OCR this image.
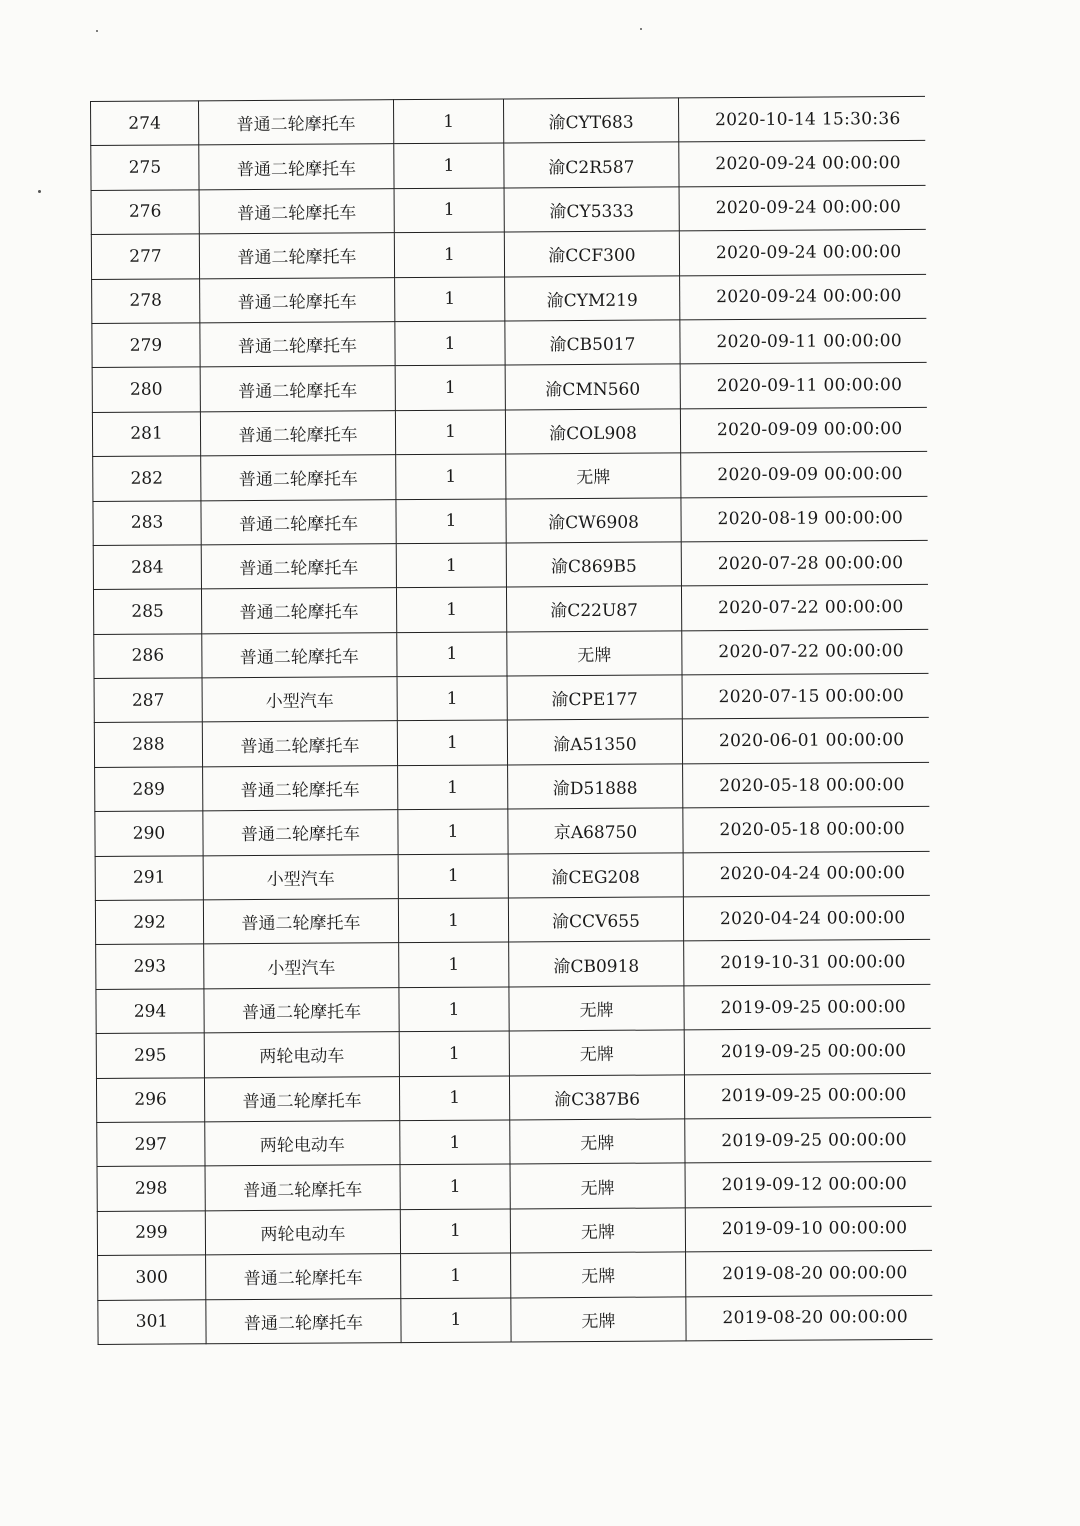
274	普通二轮摩托车	1	渝CYT683	2020-10-14 15:30:36
275	普通二轮摩托车	1	渝C2R587	2020-09-24 00:00:00
276	普通二轮摩托车	1	渝CY5333	2020-09-24 00:00:00
277	普通二轮摩托车	1	渝CCF300	2020-09-24 00:00:00
278	普通二轮摩托车	1	渝CYM219	2020-09-24 00:00:00
279	普通二轮摩托车	1	渝CB5017	2020-09-11 00:00:00
280	普通二轮摩托车	1	渝CMN560	2020-09-11 00:00:00
281	普通二轮摩托车	1	渝COL908	2020-09-09 00:00:00
282	普通二轮摩托车	1	无牌	2020-09-09 00:00:00
283	普通二轮摩托车	1	渝CW6908	2020-08-19 00:00:00
284	普通二轮摩托车	1	渝C869B5	2020-07-28 00:00:00
285	普通二轮摩托车	1	渝C22U87	2020-07-22 00:00:00
286	普通二轮摩托车	1	无牌	2020-07-22 00:00:00
287	小型汽车	1	渝CPE177	2020-07-15 00:00:00
288	普通二轮摩托车	1	渝A51350	2020-06-01 00:00:00
289	普通二轮摩托车	1	渝D51888	2020-05-18 00:00:00
290	普通二轮摩托车	1	京A68750	2020-05-18 00:00:00
291	小型汽车	1	渝CEG208	2020-04-24 00:00:00
292	普通二轮摩托车	1	渝CCV655	2020-04-24 00:00:00
293	小型汽车	1	渝CB0918	2019-10-31 00:00:00
294	普通二轮摩托车	1	无牌	2019-09-25 00:00:00
295	两轮电动车	1	无牌	2019-09-25 00:00:00
296	普通二轮摩托车	1	渝C387B6	2019-09-25 00:00:00
297	两轮电动车	1	无牌	2019-09-25 00:00:00
298	普通二轮摩托车	1	无牌	2019-09-12 00:00:00
299	两轮电动车	1	无牌	2019-09-10 00:00:00
300	普通二轮摩托车	1	无牌	2019-08-20 00:00:00
301	普通二轮摩托车	1	无牌	2019-08-20 00:00:00
